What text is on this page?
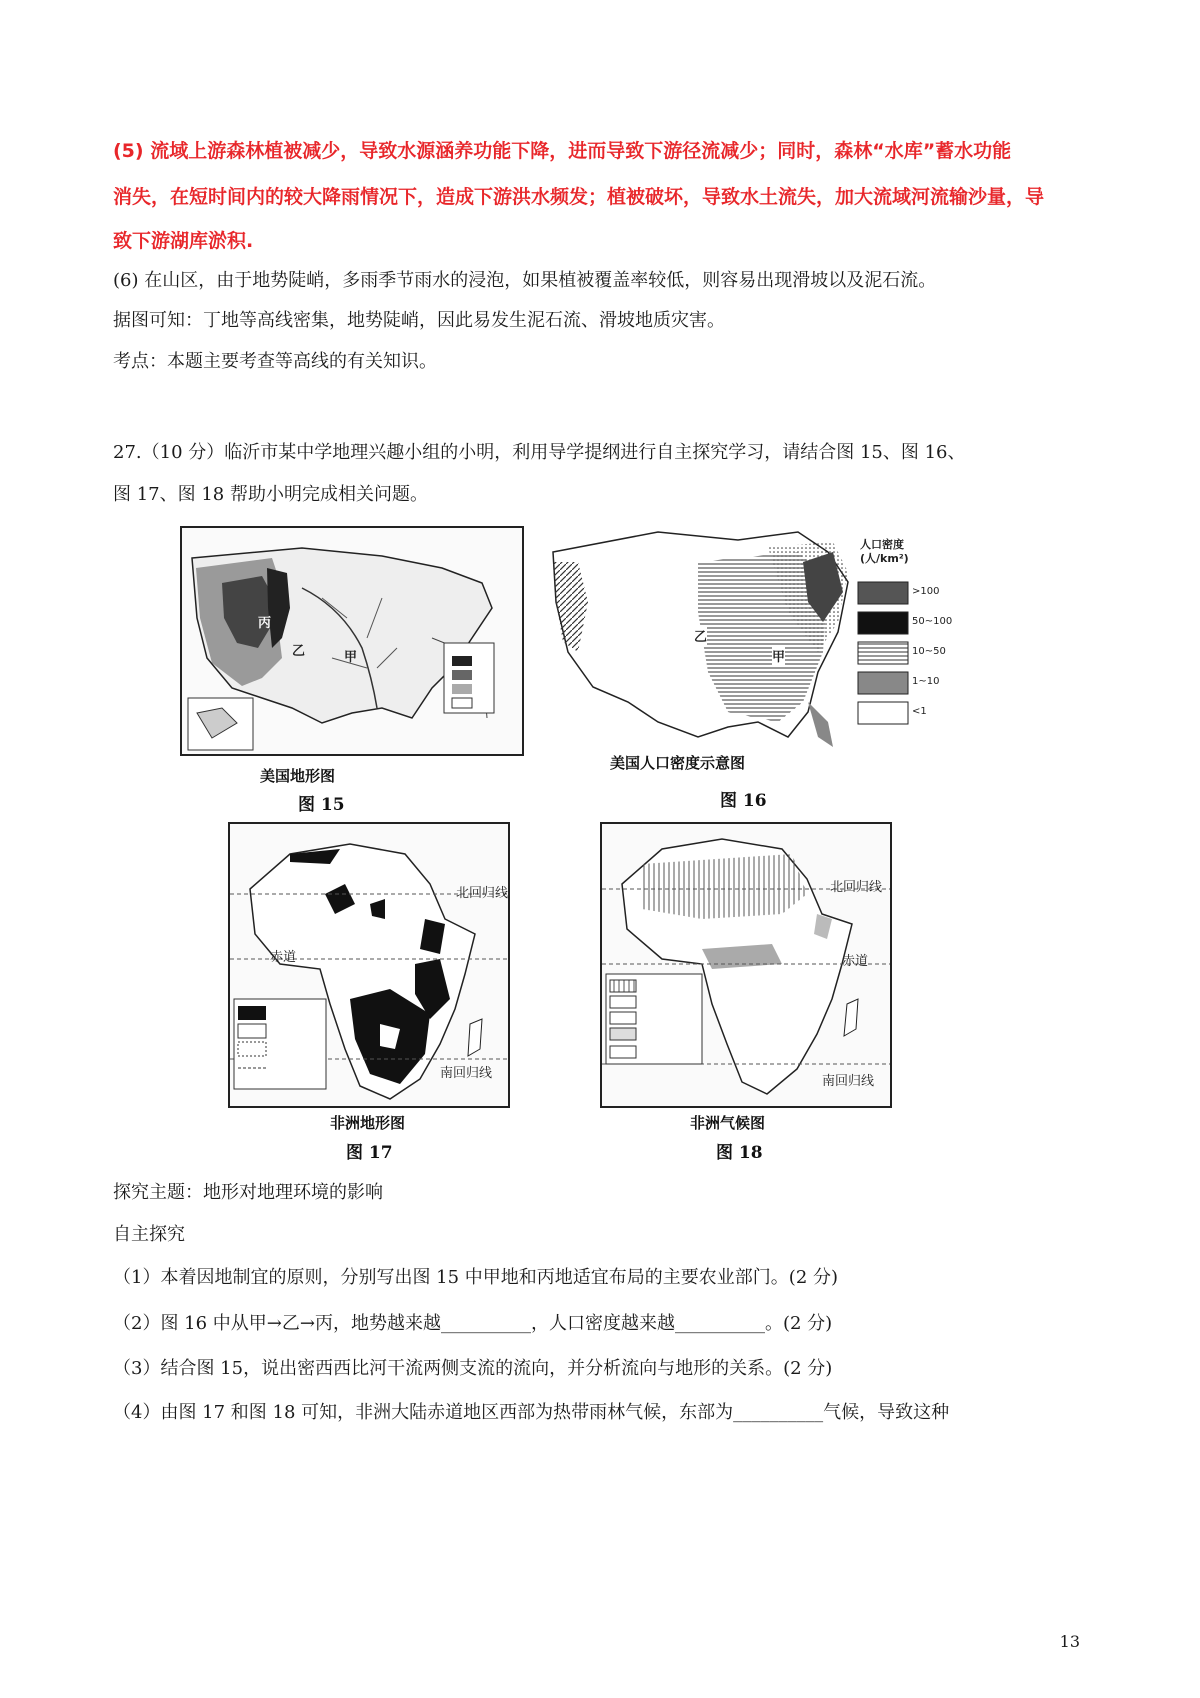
(5) 流域上游森林植被减少，导致水源涵养功能下降，进而导致下游径流减少；同时，森林“水库”蓄水功能
消失，在短时间内的较大降雨情况下，造成下游洪水频发；植被破坏，导致水土流失，加大流域河流输沙量，导
致下游湖库淤积.
(6) 在山区，由于地势陡峭，多雨季节雨水的浸泡，如果植被覆盖率较低，则容易出现滑坡以及泥石流。
据图可知：丁地等高线密集，地势陡峭，因此易发生泥石流、滑坡地质灾害。
考点：本题主要考查等高线的有关知识。
27.（10 分）临沂市某中学地理兴趣小组的小明，利用导学提纲进行自主探究学习，请结合图 15、图 16、
图 17、图 18 帮助小明完成相关问题。
丙
乙	甲
美国地形图
图 15
人口密度
(人/km²)
>100
50~100
10~50
1~10
<1
乙
甲
美国人口密度示意图
图 16
北回归线
赤道
南回归线
非洲地形图
图 17
北回归线
赤道
南回归线
非洲气候图
图 18
探究主题：地形对地理环境的影响
自主探究
（1）本着因地制宜的原则，分别写出图 15 中甲地和丙地适宜布局的主要农业部门。(2 分)
（2）图 16 中从甲→乙→丙，地势越来越__________，人口密度越来越__________。(2 分)
（3）结合图 15，说出密西西比河干流两侧支流的流向，并分析流向与地形的关系。(2 分)
（4）由图 17 和图 18 可知，非洲大陆赤道地区西部为热带雨林气候，东部为__________气候，导致这种
13
